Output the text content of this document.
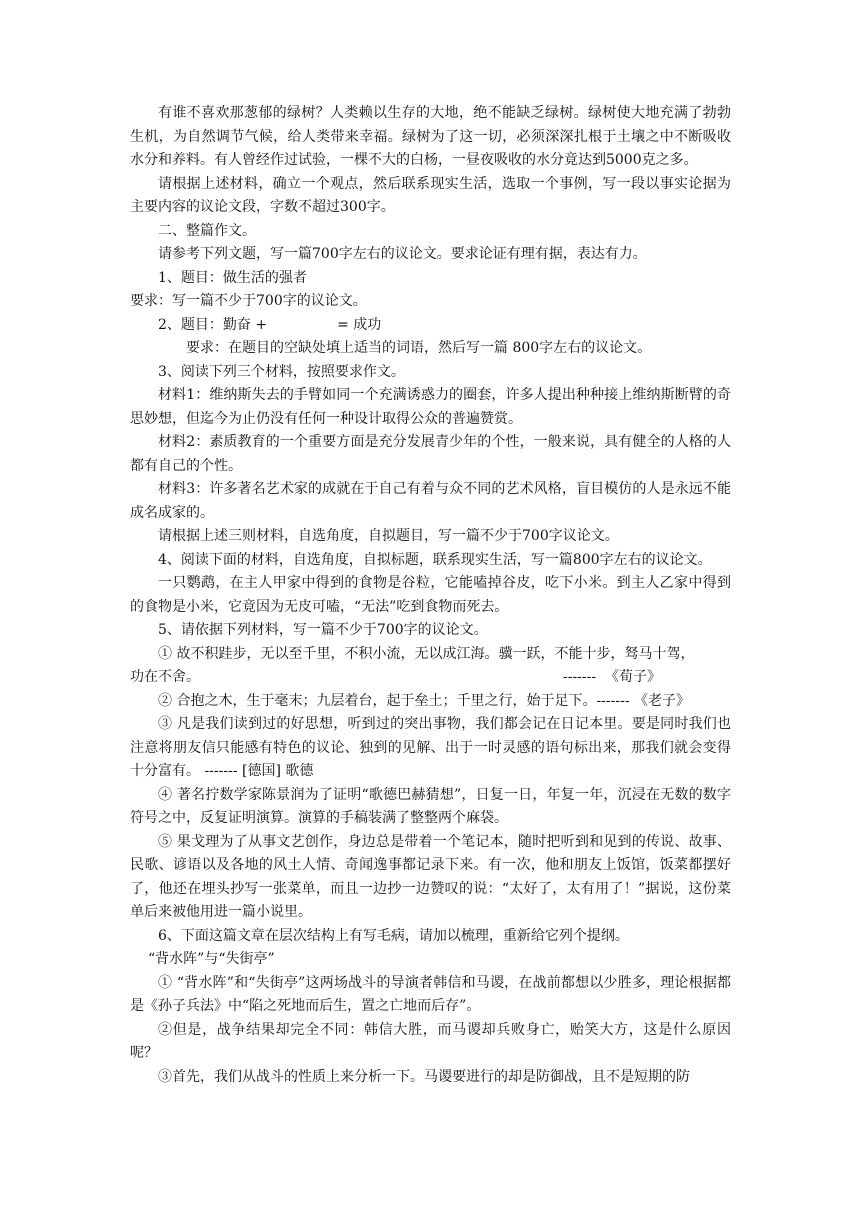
有谁不喜欢那葱郁的绿树？人类赖以生存的大地，绝不能缺乏绿树。绿树使大地充满了勃勃生机，为自然调节气候，给人类带来幸福。绿树为了这一切，必须深深扎根于土壤之中不断吸收水分和养料。有人曾经作过试验，一棵不大的白杨，一昼夜吸收的水分竟达到5000克之多。

请根据上述材料，确立一个观点，然后联系现实生活，选取一个事例，写一段以事实论据为主要内容的议论文段，字数不超过300字。

二、整篇作文。

请参考下列文题，写一篇700字左右的议论文。要求论证有理有据，表达有力。

1、题目：做生活的强者

要求：写一篇不少于700字的议论文。

2、题目：勤奋 +　　　　　= 成功

要求：在题目的空缺处填上适当的词语，然后写一篇 800字左右的议论文。

3、阅读下列三个材料，按照要求作文。

材料1：维纳斯失去的手臂如同一个充满诱惑力的圈套，许多人提出种种接上维纳斯断臂的奇思妙想，但迄今为止仍没有任何一种设计取得公众的普遍赞赏。

材料2：素质教育的一个重要方面是充分发展青少年的个性，一般来说，具有健全的人格的人都有自己的个性。

材料3：许多著名艺术家的成就在于自己有着与众不同的艺术风格，盲目模仿的人是永远不能成名成家的。

请根据上述三则材料，自选角度，自拟题目，写一篇不少于700字议论文。

4、阅读下面的材料，自选角度，自拟标题，联系现实生活，写一篇800字左右的议论文。

一只鹦鹉，在主人甲家中得到的食物是谷粒，它能嗑掉谷皮，吃下小米。到主人乙家中得到的食物是小米，它竟因为无皮可嗑，“无法”吃到食物而死去。

5、请依据下列材料，写一篇不少于700字的议论文。

① 故不积跬步，无以至千里，不积小流，无以成江海。骥一跃，不能十步，驽马十驾，

功在不舍。	-------  《荀子》

② 合抱之木，生于毫末；九层着台，起于垒土；千里之行，始于足下。------- 《老子》

③ 凡是我们读到过的好思想，听到过的突出事物，我们都会记在日记本里。要是同时我们也注意将朋友信只能感有特色的议论、独到的见解、出于一时灵感的语句标出来，那我们就会变得十分富有。 ------- [德国] 歌德

④ 著名拧数学家陈景润为了证明“歌德巴赫猜想”，日复一日，年复一年，沉浸在无数的数字符号之中，反复证明演算。演算的手稿装满了整整两个麻袋。

⑤ 果戈理为了从事文艺创作，身边总是带着一个笔记本，随时把听到和见到的传说、故事、民歌、谚语以及各地的风土人情、奇闻逸事都记录下来。有一次，他和朋友上饭馆，饭菜都摆好了，他还在埋头抄写一张菜单，而且一边抄一边赞叹的说：“太好了，太有用了！”据说，这份菜单后来被他用进一篇小说里。

6、下面这篇文章在层次结构上有写毛病，请加以梳理，重新给它列个提纲。

“背水阵”与“失街亭”

① “背水阵”和“失街亭”这两场战斗的导演者韩信和马谡，在战前都想以少胜多，理论根据都是《孙子兵法》中“陷之死地而后生，置之亡地而后存”。

②但是，战争结果却完全不同：韩信大胜，而马谡却兵败身亡，贻笑大方，这是什么原因呢？

③首先，我们从战斗的性质上来分析一下。马谡要进行的却是防御战，且不是短期的防
